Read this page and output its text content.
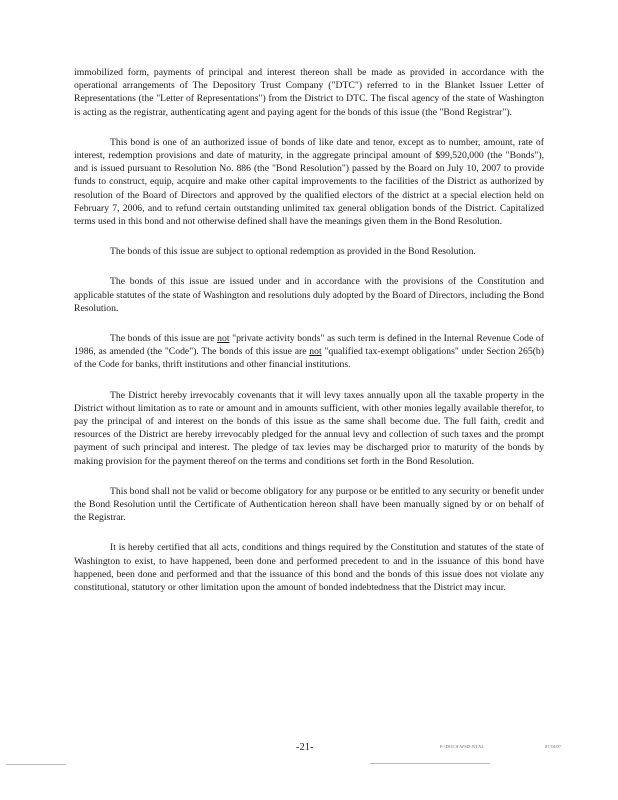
immobilized form, payments of principal and interest thereon shall be made as provided in accordance with the operational arrangements of The Depository Trust Company ("DTC") referred to in the Blanket Issuer Letter of Representations (the "Letter of Representations") from the District to DTC. The fiscal agency of the state of Washington is acting as the registrar, authenticating agent and paying agent for the bonds of this issue (the "Bond Registrar").

This bond is one of an authorized issue of bonds of like date and tenor, except as to number, amount, rate of interest, redemption provisions and date of maturity, in the aggregate principal amount of $99,520,000 (the "Bonds"), and is issued pursuant to Resolution No. 886 (the "Bond Resolution") passed by the Board on July 10, 2007 to provide funds to construct, equip, acquire and make other capital improvements to the facilities of the District as authorized by resolution of the Board of Directors and approved by the qualified electors of the district at a special election held on February 7, 2006, and to refund certain outstanding unlimited tax general obligation bonds of the District. Capitalized terms used in this bond and not otherwise defined shall have the meanings given them in the Bond Resolution.

The bonds of this issue are subject to optional redemption as provided in the Bond Resolution.

The bonds of this issue are issued under and in accordance with the provisions of the Constitution and applicable statutes of the state of Washington and resolutions duly adopted by the Board of Directors, including the Bond Resolution.

The bonds of this issue are not "private activity bonds" as such term is defined in the Internal Revenue Code of 1986, as amended (the "Code"). The bonds of this issue are not "qualified tax-exempt obligations" under Section 265(b) of the Code for banks, thrift institutions and other financial institutions.

The District hereby irrevocably covenants that it will levy taxes annually upon all the taxable property in the District without limitation as to rate or amount and in amounts sufficient, with other monies legally available therefor, to pay the principal of and interest on the bonds of this issue as the same shall become due. The full faith, credit and resources of the District are hereby irrevocably pledged for the annual levy and collection of such taxes and the prompt payment of such principal and interest. The pledge of tax levies may be discharged prior to maturity of the bonds by making provision for the payment thereof on the terms and conditions set forth in the Bond Resolution.

This bond shall not be valid or become obligatory for any purpose or be entitled to any security or benefit under the Bond Resolution until the Certificate of Authentication hereon shall have been manually signed by or on behalf of the Registrar.

It is hereby certified that all acts, conditions and things required by the Constitution and statutes of the state of Washington to exist, to have happened, been done and performed precedent to and in the issuance of this bond have happened, been done and performed and that the issuance of this bond and the bonds of this issue does not violate any constitutional, statutory or other limitation upon the amount of bonded indebtedness that the District may incur.

-21-	P:\DOCS\WSD\NTAL	07/10/07
